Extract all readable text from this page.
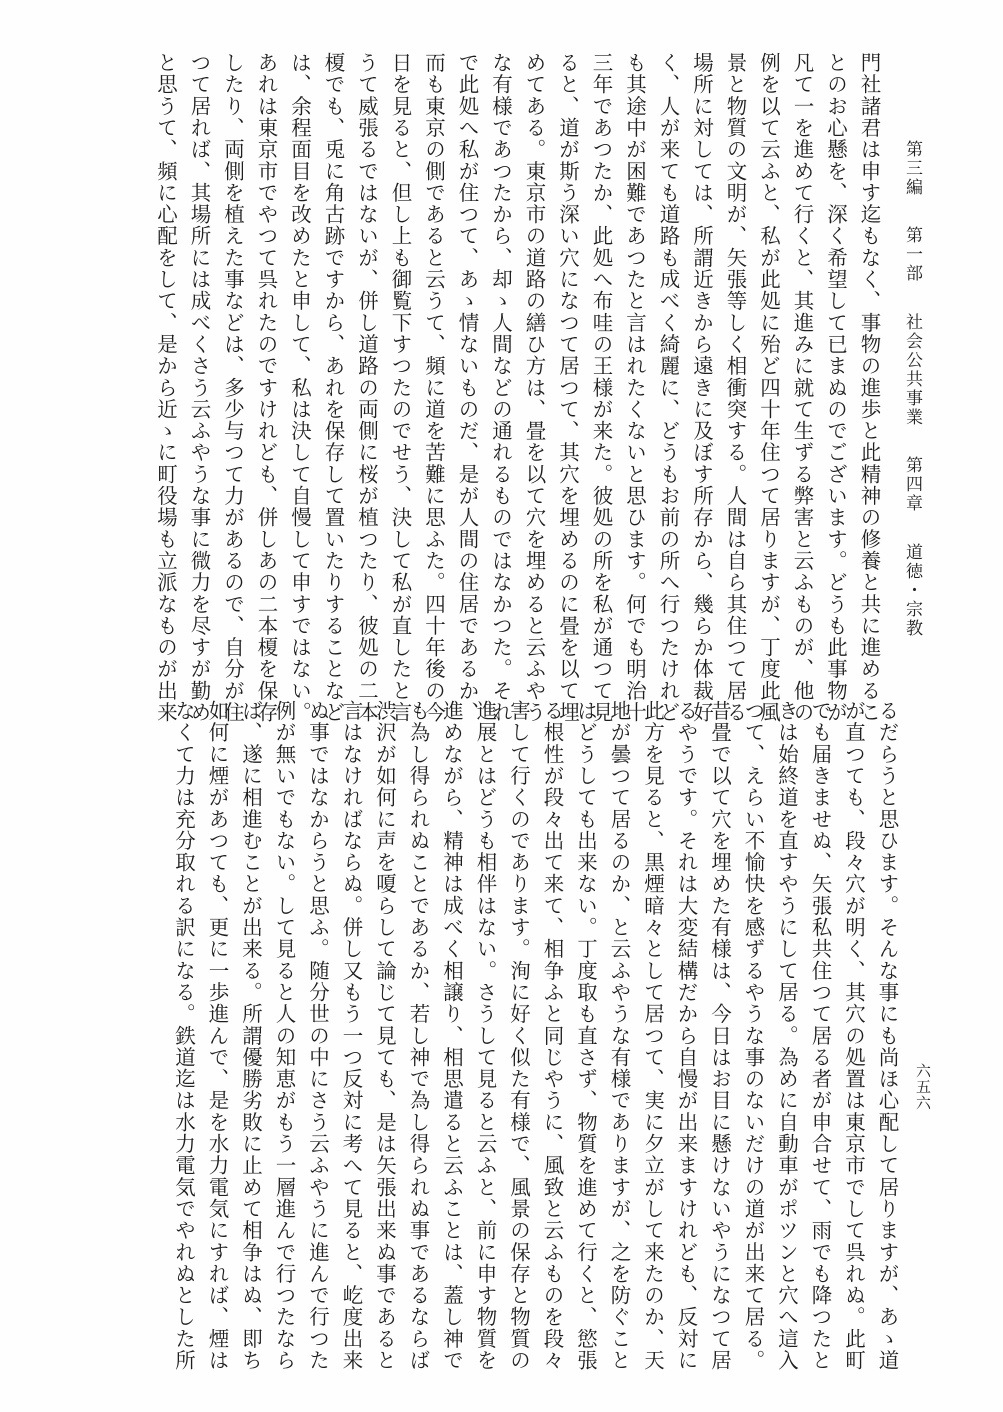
第三編 第一部 社会公共事業 第四章 道徳・宗教
六五六
門社諸君は申す迄もなく、事物の進歩と此精神の修養と共に進めるこ
とのお心懸を、深く希望して已まぬのでございます。どうも此事物が
凡て一を進めて行くと、其進みに就て生ずる弊害と云ふものが、他の
例を以て云ふと、私が此処に殆ど四十年住つて居りますが、丁度此風
景と物質の文明が、矢張等しく相衝突する。人間は自ら其住つて居る
場所に対しては、所謂近きから遠きに及ぼす所存から、幾らか体裁好
く、人が来ても道路も成べく綺麗に、どうもお前の所へ行つたけれど
も其途中が困難であつたと言はれたくないと思ひます。何でも明治十
三年であつたか、此処へ布哇の王様が来た。彼処の所を私が通つて見
ると、道が斯う深い穴になつて居つて、其穴を埋めるのに畳を以て埋
めてある。東京市の道路の繕ひ方は、畳を以て穴を埋めると云ふやう
な有様であつたから、却ゝ人間などの通れるものではなかつた。それ
で此処へ私が住つて、あゝ情ないものだ、是が人間の住居であるか、
而も東京の側であると云うて、頻に道を苦難に思ふた。四十年後の今
日を見ると、但し上も御覧下すつたのでせう、決して私が直したと言
うて威張るではないが、併し道路の両側に桜が植つたり、彼処の二本
榎でも、兎に角古跡ですから、あれを保存して置いたりすることなど
は、余程面目を改めたと申して、私は決して自慢して申すではない。
あれは東京市でやつて呉れたのですけれども、併しあの二本榎を保存
したり、両側を植えた事などは、多少与つて力があるので、自分が住
つて居れば、其場所には成べくさう云ふやうな事に微力を尽すが勤め
と思うて、頻に心配をして、是から近ゝに町役場も立派なものが出来
るだらうと思ひます。そんな事にも尚ほ心配して居りますが、あゝ道
が直つても、段々穴が明く、其穴の処置は東京市でして呉れぬ。此町
でも届きませぬ、矢張私共住つて居る者が申合せて、雨でも降つたと
きは始終道を直すやうにして居る。為めに自動車がポツンと穴へ這入
つて、えらい不愉快を感ずるやうな事のないだけの道が出来て居る。
昔畳で以て穴を埋めた有様は、今日はお目に懸けないやうになつて居
るやうです。それは大変結構だから自慢が出来ますけれども、反対に
此方を見ると、黒煙暗々として居つて、実に夕立がして来たのか、天
地が曇つて居るのか、と云ふやうな有様でありますが、之を防ぐこと
はどうしても出来ない。丁度取も直さず、物質を進めて行くと、慾張
る根性が段々出て来て、相争ふと同じやうに、風致と云ふものを段々
害して行くのであります。洵に好く似た有様で、風景の保存と物質の
進展とはどうも相伴はない。さうして見ると云ふと、前に申す物質を
進めながら、精神は成べく相譲り、相思遣ると云ふことは、蓋し神で
も為し得られぬことであるか、若し神で為し得られぬ事であるならば
渋沢が如何に声を嗄らして論じて見ても、是は矢張出来ぬ事であると
言はなければならぬ。併し又もう一つ反対に考へて見ると、屹度出来
ぬ事ではなからうと思ふ。随分世の中にさう云ふやうに進んで行つた
例が無いでもない。して見ると人の知恵がもう一層進んで行つたなら
ば、遂に相進むことが出来る。所謂優勝劣敗に止めて相争はぬ、即ち
如何に煙があつても、更に一歩進んで、是を水力電気にすれば、煙は
なくて力は充分取れる訳になる。鉄道迄は水力電気でやれぬとした所
